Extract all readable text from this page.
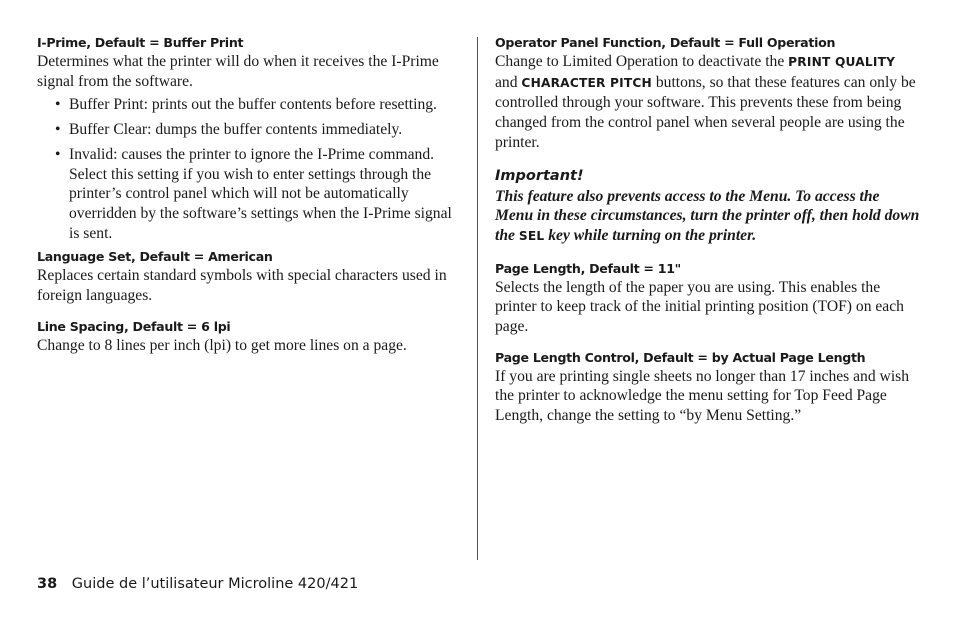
I-Prime, Default = Buffer Print

Determines what the printer will do when it receives the I-Prime signal from the software.

• Buffer Print: prints out the buffer contents before resetting.
• Buffer Clear: dumps the buffer contents immediately.
• Invalid: causes the printer to ignore the I-Prime command. Select this setting if you wish to enter settings through the printer’s control panel which will not be automatically overridden by the software’s settings when the I-Prime signal is sent.

Language Set, Default = American

Replaces certain standard symbols with special characters used in foreign languages.

Line Spacing, Default = 6 lpi

Change to 8 lines per inch (lpi) to get more lines on a page.

Operator Panel Function, Default = Full Operation

Change to Limited Operation to deactivate the PRINT QUALITY and CHARACTER PITCH buttons, so that these features can only be controlled through your software. This prevents these from being changed from the control panel when several people are using the printer.

Important!

This feature also prevents access to the Menu. To access the Menu in these circumstances, turn the printer off, then hold down the SEL key while turning on the printer.

Page Length, Default = 11"

Selects the length of the paper you are using. This enables the printer to keep track of the initial printing position (TOF) on each page.

Page Length Control, Default = by Actual Page Length

If you are printing single sheets no longer than 17 inches and wish the printer to acknowledge the menu setting for Top Feed Page Length, change the setting to “by Menu Setting.”

38 Guide de l’utilisateur Microline 420/421
